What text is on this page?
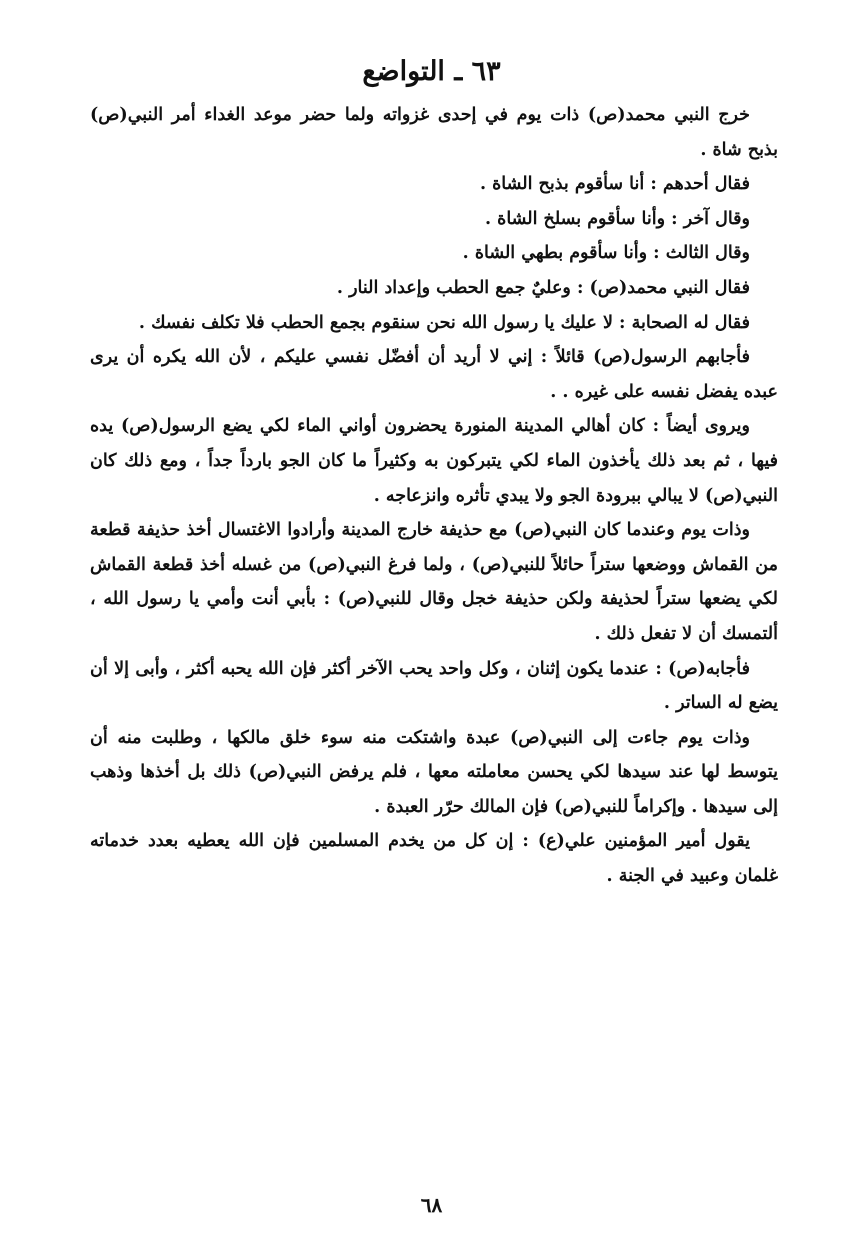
٦٣ ـ التواضع

خرج النبي محمد(ص) ذات يوم في إحدى غزواته ولما حضر موعد الغداء أمر النبي(ص) بذبح شاة .

فقال أحدهم : أنا سأقوم بذبح الشاة .

وقال آخر : وأنا سأقوم بسلخ الشاة .

وقال الثالث : وأنا سأقوم بطهي الشاة .

فقال النبي محمد(ص) : وعليٌ جمع الحطب وإعداد النار .

فقال له الصحابة : لا عليك يا رسول الله نحن سنقوم بجمع الحطب فلا تكلف نفسك .

فأجابهم الرسول(ص) قائلاً : إني لا أريد أن أفضّل نفسي عليكم ، لأن الله يكره أن يرى عبده يفضل نفسه على غيره . .

ويروى أيضاً : كان أهالي المدينة المنورة يحضرون أواني الماء لكي يضع الرسول(ص) يده فيها ، ثم بعد ذلك يأخذون الماء لكي يتبركون به وكثيراً ما كان الجو بارداً جداً ، ومع ذلك كان النبي(ص) لا يبالي ببرودة الجو ولا يبدي تأثره وانزعاجه .

وذات يوم وعندما كان النبي(ص) مع حذيفة خارج المدينة وأرادوا الاغتسال أخذ حذيفة قطعة من القماش ووضعها ستراً حائلاً للنبي(ص) ، ولما فرغ النبي(ص) من غسله أخذ قطعة القماش لكي يضعها ستراً لحذيفة ولكن حذيفة خجل وقال للنبي(ص) : بأبي أنت وأمي يا رسول الله ، ألتمسك أن لا تفعل ذلك .

فأجابه(ص) : عندما يكون إثنان ، وكل واحد يحب الآخر أكثر فإن الله يحبه أكثر ، وأبى إلا أن يضع له الساتر .

وذات يوم جاءت إلى النبي(ص) عبدة واشتكت منه سوء خلق مالكها ، وطلبت منه أن يتوسط لها عند سيدها لكي يحسن معاملته معها ، فلم يرفض النبي(ص) ذلك بل أخذها وذهب إلى سيدها . وإكراماً للنبي(ص) فإن المالك حرّر العبدة .

يقول أمير المؤمنين علي(ع) : إن كل من يخدم المسلمين فإن الله يعطيه بعدد خدماته غلمان وعبيد في الجنة .

٦٨
